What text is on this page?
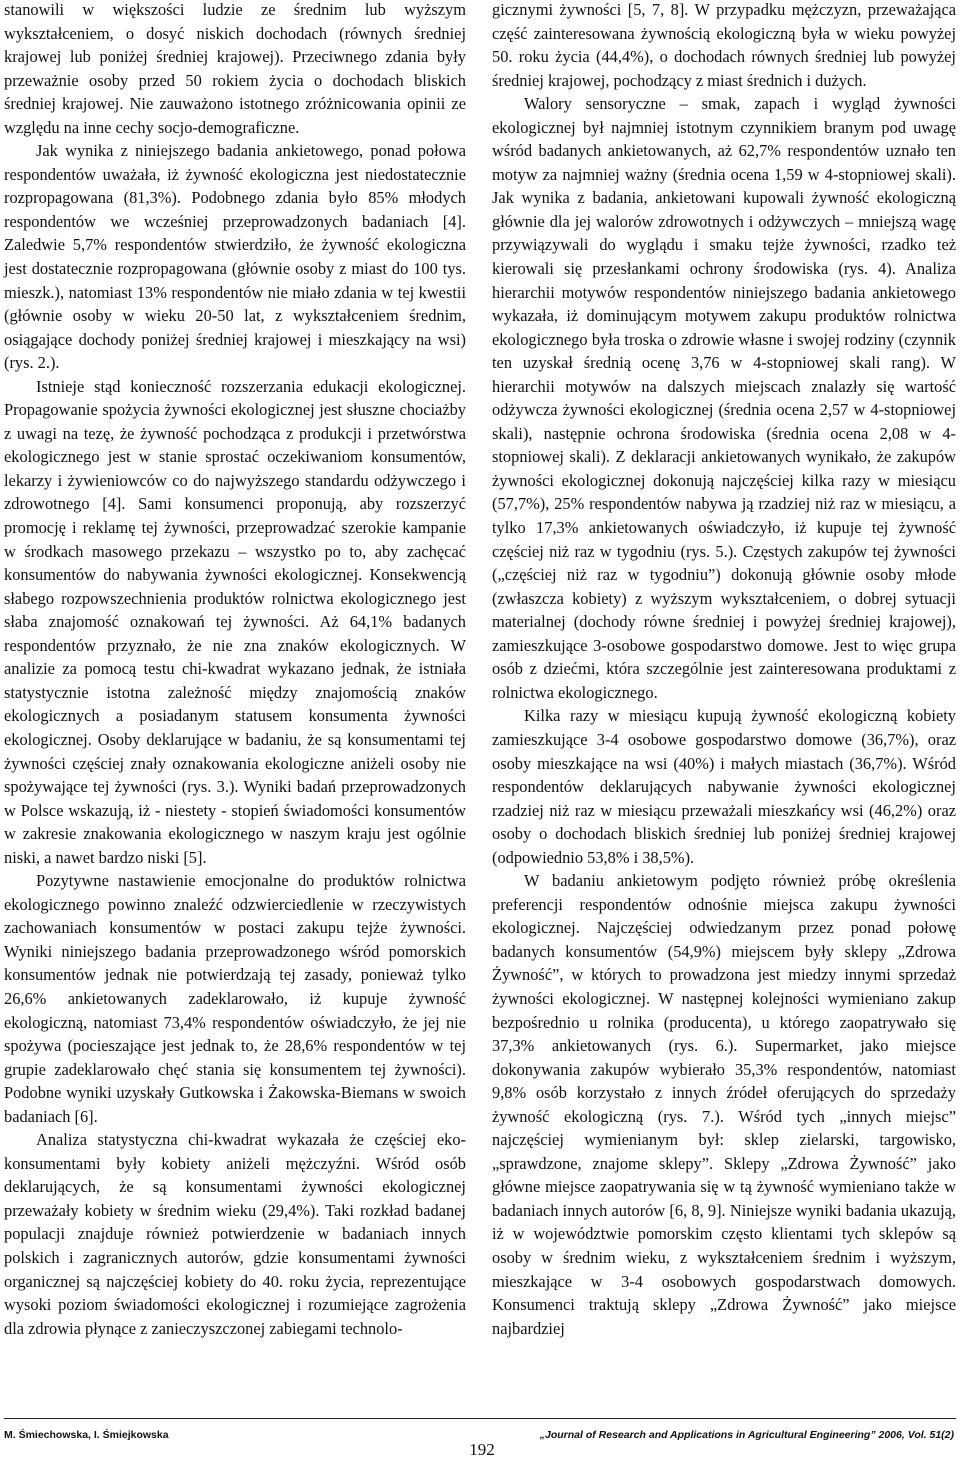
stanowili w większości ludzie ze średnim lub wyższym wykształceniem, o dosyć niskich dochodach (równych średniej krajowej lub poniżej średniej krajowej). Przeciwnego zdania były przeważnie osoby przed 50 rokiem życia o dochodach bliskich średniej krajowej. Nie zauważono istotnego zróżnicowania opinii ze względu na inne cechy socjo-demograficzne.

Jak wynika z niniejszego badania ankietowego, ponad połowa respondentów uważała, iż żywność ekologiczna jest niedostatecznie rozpropagowana (81,3%). Podobnego zdania było 85% młodych respondentów we wcześniej przeprowadzonych badaniach [4]. Zaledwie 5,7% respondentów stwierdziło, że żywność ekologiczna jest dostatecznie rozpropagowana (głównie osoby z miast do 100 tys. mieszk.), natomiast 13% respondentów nie miało zdania w tej kwestii (głównie osoby w wieku 20-50 lat, z wykształceniem średnim, osiągające dochody poniżej średniej krajowej i mieszkający na wsi) (rys. 2.).

Istnieje stąd konieczność rozszerzania edukacji ekologicznej. Propagowanie spożycia żywności ekologicznej jest słuszne chociażby z uwagi na tezę, że żywność pochodząca z produkcji i przetwórstwa ekologicznego jest w stanie sprostać oczekiwaniom konsumentów, lekarzy i żywieniowców co do najwyższego standardu odżywczego i zdrowotnego [4]. Sami konsumenci proponują, aby rozszerzyć promocję i reklamę tej żywności, przeprowadzać szerokie kampanie w środkach masowego przekazu – wszystko po to, aby zachęcać konsumentów do nabywania żywności ekologicznej. Konsekwencją słabego rozpowszechnienia produktów rolnictwa ekologicznego jest słaba znajomość oznakowań tej żywności. Aż 64,1% badanych respondentów przyznało, że nie zna znaków ekologicznych. W analizie za pomocą testu chi-kwadrat wykazano jednak, że istniała statystycznie istotna zależność między znajomością znaków ekologicznych a posiadanym statusem konsumenta żywności ekologicznej. Osoby deklarujące w badaniu, że są konsumentami tej żywności częściej znały oznakowania ekologiczne aniżeli osoby nie spożywające tej żywności (rys. 3.). Wyniki badań przeprowadzonych w Polsce wskazują, iż - niestety - stopień świadomości konsumentów w zakresie znakowania ekologicznego w naszym kraju jest ogólnie niski, a nawet bardzo niski [5].

Pozytywne nastawienie emocjonalne do produktów rolnictwa ekologicznego powinno znaleźć odzwierciedlenie w rzeczywistych zachowaniach konsumentów w postaci zakupu tejże żywności. Wyniki niniejszego badania przeprowadzonego wśród pomorskich konsumentów jednak nie potwierdzają tej zasady, ponieważ tylko 26,6% ankietowanych zadeklarowało, iż kupuje żywność ekologiczną, natomiast 73,4% respondentów oświadczyło, że jej nie spożywa (pocieszające jest jednak to, że 28,6% respondentów w tej grupie zadeklarowało chęć stania się konsumentem tej żywności). Podobne wyniki uzyskały Gutkowska i Żakowska-Biemans w swoich badaniach [6].

Analiza statystyczna chi-kwadrat wykazała że częściej eko-konsumentami były kobiety aniżeli mężczyźni. Wśród osób deklarujących, że są konsumentami żywności ekologicznej przeważały kobiety w średnim wieku (29,4%). Taki rozkład badanej populacji znajduje również potwierdzenie w badaniach innych polskich i zagranicznych autorów, gdzie konsumentami żywności organicznej są najczęściej kobiety do 40. roku życia, reprezentujące wysoki poziom świadomości ekologicznej i rozumiejące zagrożenia dla zdrowia płynące z zanieczyszczonej zabiegami technolo-

gicznymi żywności [5, 7, 8]. W przypadku mężczyzn, przeważająca część zainteresowana żywnością ekologiczną była w wieku powyżej 50. roku życia (44,4%), o dochodach równych średniej lub powyżej średniej krajowej, pochodzący z miast średnich i dużych.

Walory sensoryczne – smak, zapach i wygląd żywności ekologicznej był najmniej istotnym czynnikiem branym pod uwagę wśród badanych ankietowanych, aż 62,7% respondentów uznało ten motyw za najmniej ważny (średnia ocena 1,59 w 4-stopniowej skali). Jak wynika z badania, ankietowani kupowali żywność ekologiczną głównie dla jej walorów zdrowotnych i odżywczych – mniejszą wagę przywiązywali do wyglądu i smaku tejże żywności, rzadko też kierowali się przesłankami ochrony środowiska (rys. 4). Analiza hierarchii motywów respondentów niniejszego badania ankietowego wykazała, iż dominującym motywem zakupu produktów rolnictwa ekologicznego była troska o zdrowie własne i swojej rodziny (czynnik ten uzyskał średnią ocenę 3,76 w 4-stopniowej skali rang). W hierarchii motywów na dalszych miejscach znalazły się wartość odżywcza żywności ekologicznej (średnia ocena 2,57 w 4-stopniowej skali), następnie ochrona środowiska (średnia ocena 2,08 w 4-stopniowej skali). Z deklaracji ankietowanych wynikało, że zakupów żywności ekologicznej dokonują najczęściej kilka razy w miesiącu (57,7%), 25% respondentów nabywa ją rzadziej niż raz w miesiącu, a tylko 17,3% ankietowanych oświadczyło, iż kupuje tej żywność częściej niż raz w tygodniu (rys. 5.). Częstych zakupów tej żywności („częściej niż raz w tygodniu”) dokonują głównie osoby młode (zwłaszcza kobiety) z wyższym wykształceniem, o dobrej sytuacji materialnej (dochody równe średniej i powyżej średniej krajowej), zamieszkujące 3-osobowe gospodarstwo domowe. Jest to więc grupa osób z dziećmi, która szczególnie jest zainteresowana produktami z rolnictwa ekologicznego.

Kilka razy w miesiącu kupują żywność ekologiczną kobiety zamieszkujące 3-4 osobowe gospodarstwo domowe (36,7%), oraz osoby mieszkające na wsi (40%) i małych miastach (36,7%). Wśród respondentów deklarujących nabywanie żywności ekologicznej rzadziej niż raz w miesiącu przeważali mieszkańcy wsi (46,2%) oraz osoby o dochodach bliskich średniej lub poniżej średniej krajowej (odpowiednio 53,8% i 38,5%).

W badaniu ankietowym podjęto również próbę określenia preferencji respondentów odnośnie miejsca zakupu żywności ekologicznej. Najczęściej odwiedzanym przez ponad połowę badanych konsumentów (54,9%) miejscem były sklepy „Zdrowa Żywność”, w których to prowadzona jest miedzy innymi sprzedaż żywności ekologicznej. W następnej kolejności wymieniano zakup bezpośrednio u rolnika (producenta), u którego zaopatrywało się 37,3% ankietowanych (rys. 6.). Supermarket, jako miejsce dokonywania zakupów wybierało 35,3% respondentów, natomiast 9,8% osób korzystało z innych źródeł oferujących do sprzedaży żywność ekologiczną (rys. 7.). Wśród tych „innych miejsc” najczęściej wymienianym był: sklep zielarski, targowisko, „sprawdzone, znajome sklepy”. Sklepy „Zdrowa Żywność” jako główne miejsce zaopatrywania się w tą żywność wymieniano także w badaniach innych autorów [6, 8, 9]. Niniejsze wyniki badania ukazują, iż w województwie pomorskim często klientami tych sklepów są osoby w średnim wieku, z wykształceniem średnim i wyższym, mieszkające w 3-4 osobowych gospodarstwach domowych. Konsumenci traktują sklepy „Zdrowa Żywność” jako miejsce najbardziej

M. Śmiechowska, I. Śmiejkowska
192
„Journal of Research and Applications in Agricultural Engineering” 2006, Vol. 51(2)
